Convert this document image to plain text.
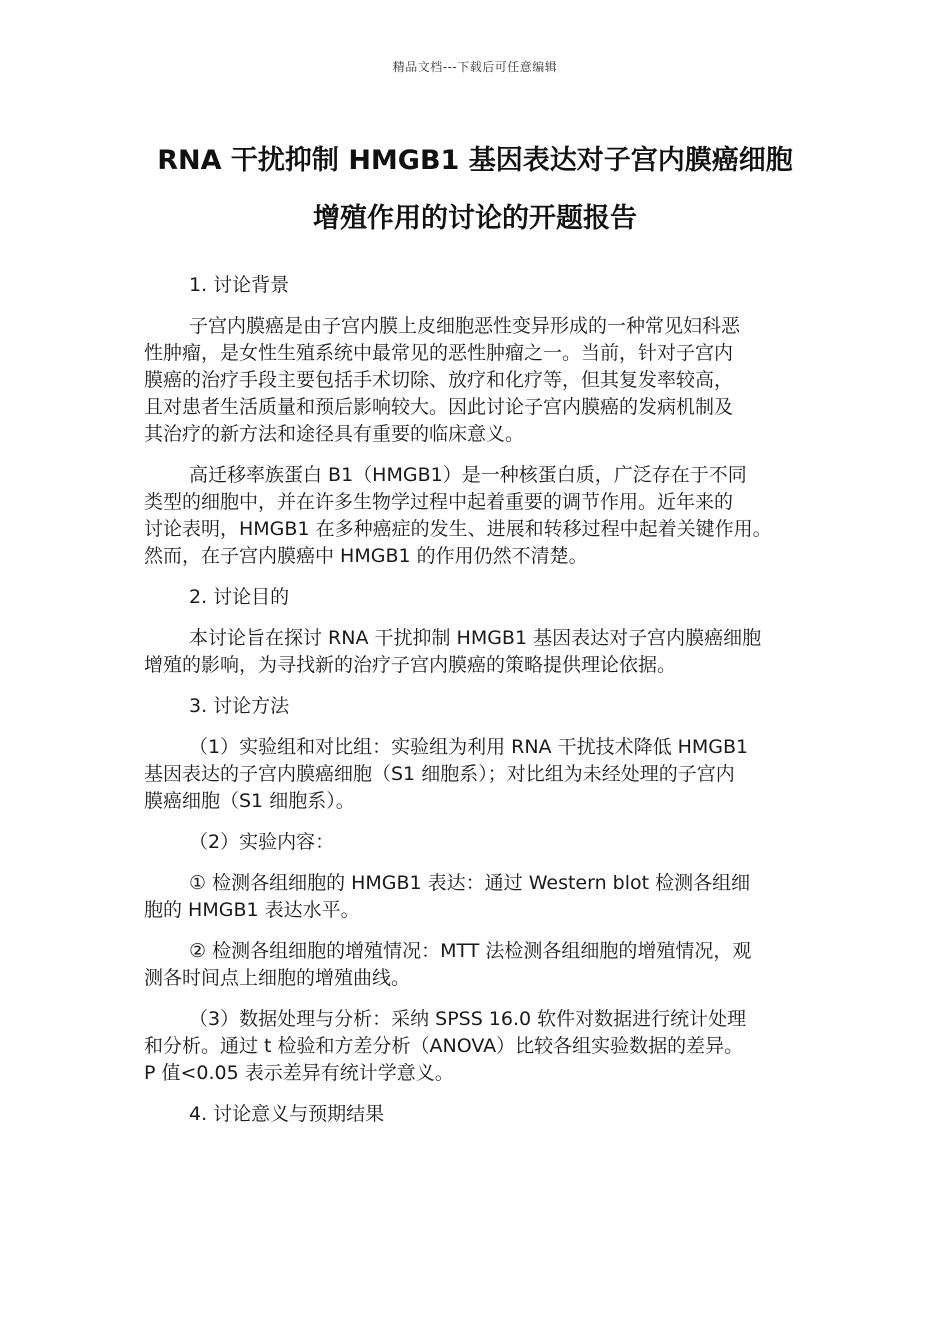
精品文档---下载后可任意编辑
RNA 干扰抑制 HMGB1 基因表达对子宫内膜癌细胞
增殖作用的讨论的开题报告

1. 讨论背景

子宫内膜癌是由子宫内膜上皮细胞恶性变异形成的一种常见妇科恶
性肿瘤，是女性生殖系统中最常见的恶性肿瘤之一。当前，针对子宫内
膜癌的治疗手段主要包括手术切除、放疗和化疗等，但其复发率较高，
且对患者生活质量和预后影响较大。因此讨论子宫内膜癌的发病机制及
其治疗的新方法和途径具有重要的临床意义。

高迁移率族蛋白 B1（HMGB1）是一种核蛋白质，广泛存在于不同
类型的细胞中，并在许多生物学过程中起着重要的调节作用。近年来的
讨论表明，HMGB1 在多种癌症的发生、进展和转移过程中起着关键作用。
然而，在子宫内膜癌中 HMGB1 的作用仍然不清楚。

2. 讨论目的

本讨论旨在探讨 RNA 干扰抑制 HMGB1 基因表达对子宫内膜癌细胞
增殖的影响，为寻找新的治疗子宫内膜癌的策略提供理论依据。

3. 讨论方法

（1）实验组和对比组：实验组为利用 RNA 干扰技术降低 HMGB1
基因表达的子宫内膜癌细胞（S1 细胞系）；对比组为未经处理的子宫内
膜癌细胞（S1 细胞系）。

（2）实验内容：

① 检测各组细胞的 HMGB1 表达：通过 Western blot 检测各组细
胞的 HMGB1 表达水平。

② 检测各组细胞的增殖情况：MTT 法检测各组细胞的增殖情况，观
测各时间点上细胞的增殖曲线。

（3）数据处理与分析：采纳 SPSS 16.0 软件对数据进行统计处理
和分析。通过 t 检验和方差分析（ANOVA）比较各组实验数据的差异。
P 值<0.05 表示差异有统计学意义。

4. 讨论意义与预期结果
